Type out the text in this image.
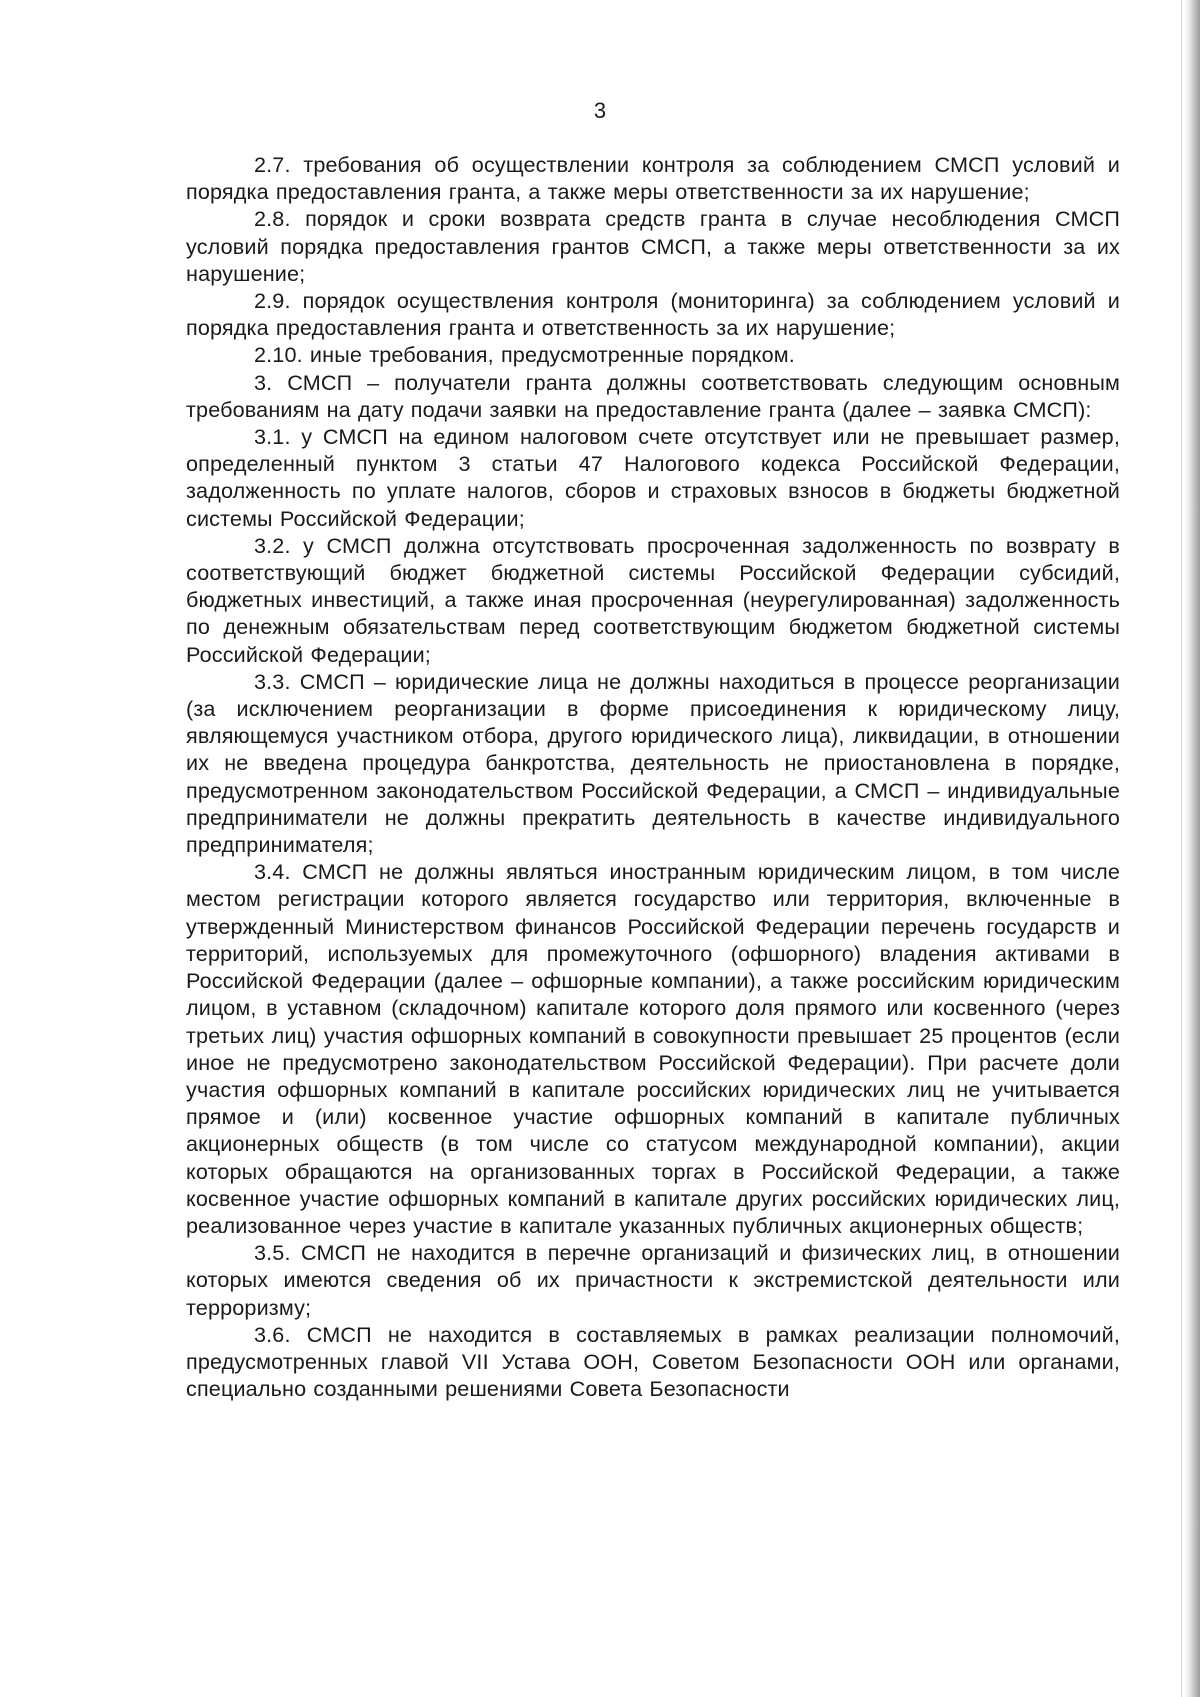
3

2.7. требования об осуществлении контроля за соблюдением СМСП условий и порядка предоставления гранта, а также меры ответственности за их нарушение;

2.8. порядок и сроки возврата средств гранта в случае несоблюдения СМСП условий порядка предоставления грантов СМСП, а также меры ответственности за их нарушение;

2.9. порядок осуществления контроля (мониторинга) за соблюдением условий и порядка предоставления гранта и ответственность за их нарушение;

2.10. иные требования, предусмотренные порядком.

3. СМСП – получатели гранта должны соответствовать следующим основным требованиям на дату подачи заявки на предоставление гранта (далее – заявка СМСП):

3.1. у СМСП на едином налоговом счете отсутствует или не превышает размер, определенный пунктом 3 статьи 47 Налогового кодекса Российской Федерации, задолженность по уплате налогов, сборов и страховых взносов в бюджеты бюджетной системы Российской Федерации;

3.2. у СМСП должна отсутствовать просроченная задолженность по возврату в соответствующий бюджет бюджетной системы Российской Федерации субсидий, бюджетных инвестиций, а также иная просроченная (неурегулированная) задолженность по денежным обязательствам перед соответствующим бюджетом бюджетной системы Российской Федерации;

3.3. СМСП – юридические лица не должны находиться в процессе реорганизации (за исключением реорганизации в форме присоединения к юридическому лицу, являющемуся участником отбора, другого юридического лица), ликвидации, в отношении их не введена процедура банкротства, деятельность не приостановлена в порядке, предусмотренном законодательством Российской Федерации, а СМСП – индивидуальные предприниматели не должны прекратить деятельность в качестве индивидуального предпринимателя;

3.4. СМСП не должны являться иностранным юридическим лицом, в том числе местом регистрации которого является государство или территория, включенные в утвержденный Министерством финансов Российской Федерации перечень государств и территорий, используемых для промежуточного (офшорного) владения активами в Российской Федерации (далее – офшорные компании), а также российским юридическим лицом, в уставном (складочном) капитале которого доля прямого или косвенного (через третьих лиц) участия офшорных компаний в совокупности превышает 25 процентов (если иное не предусмотрено законодательством Российской Федерации). При расчете доли участия офшорных компаний в капитале российских юридических лиц не учитывается прямое и (или) косвенное участие офшорных компаний в капитале публичных акционерных обществ (в том числе со статусом международной компании), акции которых обращаются на организованных торгах в Российской Федерации, а также косвенное участие офшорных компаний в капитале других российских юридических лиц, реализованное через участие в капитале указанных публичных акционерных обществ;

3.5. СМСП не находится в перечне организаций и физических лиц, в отношении которых имеются сведения об их причастности к экстремистской деятельности или терроризму;

3.6. СМСП не находится в составляемых в рамках реализации полномочий, предусмотренных главой VII Устава ООН, Советом Безопасности ООН или органами, специально созданными решениями Совета Безопасности
